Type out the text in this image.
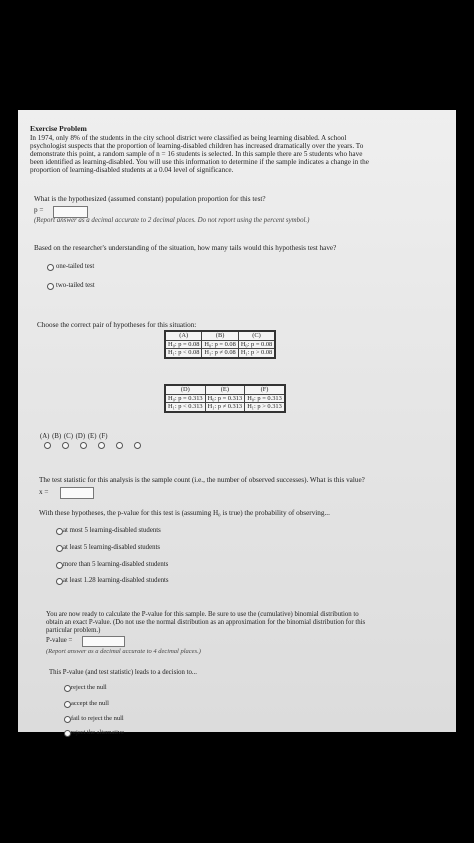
Exercise Problem
In 1974, only 8% of the students in the city school district were classified as being learning disabled. A school
psychologist suspects that the proportion of learning-disabled children has increased dramatically over the years. To
demonstrate this point, a random sample of n = 16 students is selected. In this sample there are 5 students who have
been identified as learning-disabled. You will use this information to determine if the sample indicates a change in the
proportion of learning-disabled students at a 0.04 level of significance.
What is the hypothesized (assumed constant) population proportion for this test?
p =
(Report answer as a decimal accurate to 2 decimal places. Do not report using the percent symbol.)
Based on the researcher's understanding of the situation, how many tails would this hypothesis test have?
one-tailed test
two-tailed test
Choose the correct pair of hypotheses for this situation:
(A)	(B)	(C)
H₀: p = 0.08	H₀: p = 0.08	H₀: p = 0.08
H₁: p < 0.08	H₁: p ≠ 0.08	H₁: p > 0.08
(D)	(E)	(F)
H₀: p = 0.313	H₀: p = 0.313	H₀: p = 0.313
H₁: p < 0.313	H₁: p ≠ 0.313	H₁: p > 0.313
(A) (B) (C) (D) (E) (F)
The test statistic for this analysis is the sample count (i.e., the number of observed successes). What is this value?
x =
With these hypotheses, the p-value for this test is (assuming H₀ is true) the probability of observing...
at most 5 learning-disabled students
at least 5 learning-disabled students
more than 5 learning-disabled students
at least 1.28 learning-disabled students
You are now ready to calculate the P-value for this sample. Be sure to use the (cumulative) binomial distribution to
obtain an exact P-value. (Do not use the normal distribution as an approximation for the binomial distribution for this
particular problem.)
P-value =
(Report answer as a decimal accurate to 4 decimal places.)
This P-value (and test statistic) leads to a decision to...
reject the null
accept the null
fail to reject the null
reject the alternative
